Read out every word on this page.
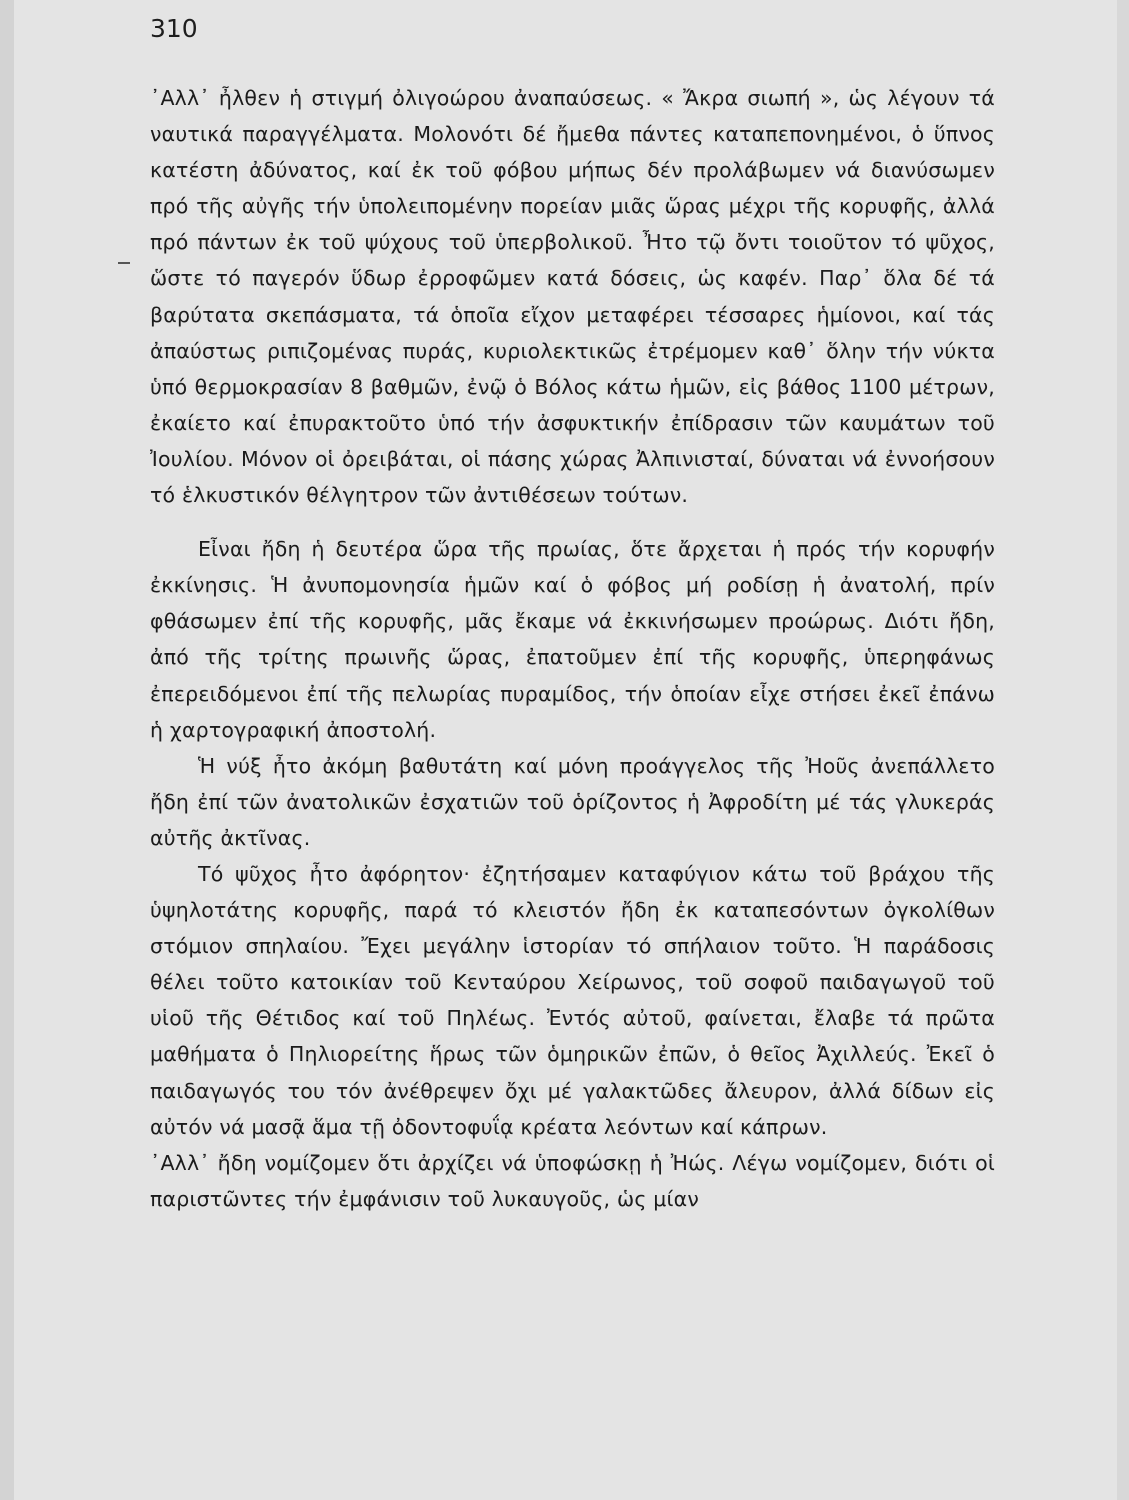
310

᾿Αλλ᾿ ἦλθεν ἡ στιγμή ὀλιγοώρου ἀναπαύσεως. « Ἄκρα σιωπή », ὡς λέγουν τά ναυτικά παραγγέλματα. Μολονότι δέ ἤμεθα πάντες καταπεπονημένοι, ὁ ὕπνος κατέστη ἀδύνατος, καί ἐκ τοῦ φόβου μήπως δέν προλάβωμεν νά διανύσωμεν πρό τῆς αὐγῆς τήν ὑπολειπομένην πορείαν μιᾶς ὥρας μέχρι τῆς κορυφῆς, ἀλλά πρό πάντων ἐκ τοῦ ψύχους τοῦ ὑπερβολικοῦ. Ἦτο τῷ ὄντι τοιοῦτον τό ψῦχος, ὥστε τό παγερόν ὕδωρ ἐρροφῶμεν κατά δόσεις, ὡς καφέν. Παρ᾿ ὅλα δέ τά βαρύτατα σκεπάσματα, τά ὁποῖα εἴχον μεταφέρει τέσσαρες ἡμίονοι, καί τάς ἀπαύστως ριπιζομένας πυράς, κυριολεκτικῶς ἐτρέμομεν καθ᾿ ὅλην τήν νύκτα ὑπό θερμοκρασίαν 8 βαθμῶν, ἐνῷ ὁ Βόλος κάτω ἡμῶν, εἰς βάθος 1100 μέτρων, ἐκαίετο καί ἐπυρακτοῦτο ὑπό τήν ἀσφυκτικήν ἐπίδρασιν τῶν καυμάτων τοῦ Ἰουλίου. Μόνον οἱ ὀρειβάται, οἱ πάσης χώρας Ἀλπινισταί, δύναται νά ἐννοήσουν τό ἑλκυστικόν θέλγητρον τῶν ἀντιθέσεων τούτων.

Εἶναι ἤδη ἡ δευτέρα ὥρα τῆς πρωίας, ὅτε ἄρχεται ἡ πρός τήν κορυφήν ἐκκίνησις. Ἡ ἀνυπομονησία ἡμῶν καί ὁ φόβος μή ροδίσῃ ἡ ἀνατολή, πρίν φθάσωμεν ἐπί τῆς κορυφῆς, μᾶς ἔκαμε νά ἐκκινήσωμεν προώρως. Διότι ἤδη, ἀπό τῆς τρίτης πρωινῆς ὥρας, ἐπατοῦμεν ἐπί τῆς κορυφῆς, ὑπερηφάνως ἐπερειδόμενοι ἐπί τῆς πελωρίας πυραμίδος, τήν ὁποίαν εἶχε στήσει ἐκεῖ ἐπάνω ἡ χαρτογραφική ἀποστολή.

Ἡ νύξ ἦτο ἀκόμη βαθυτάτη καί μόνη προάγγελος τῆς Ἠοῦς ἀνεπάλλετο ἤδη ἐπί τῶν ἀνατολικῶν ἐσχατιῶν τοῦ ὁρίζοντος ἡ Ἀφροδίτη μέ τάς γλυκεράς αὐτῆς ἀκτῖνας.

Τό ψῦχος ἦτο ἀφόρητον· ἐζητήσαμεν καταφύγιον κάτω τοῦ βράχου τῆς ὑψηλοτάτης κορυφῆς, παρά τό κλειστόν ἤδη ἐκ καταπεσόντων ὀγκολίθων στόμιον σπηλαίου. Ἔχει μεγάλην ἱστορίαν τό σπήλαιον τοῦτο. Ἡ παράδοσις θέλει τοῦτο κατοικίαν τοῦ Κενταύρου Χείρωνος, τοῦ σοφοῦ παιδαγωγοῦ τοῦ υἱοῦ τῆς Θέτιδος καί τοῦ Πηλέως. Ἐντός αὐτοῦ, φαίνεται, ἔλαβε τά πρῶτα μαθήματα ὁ Πηλιορείτης ἥρως τῶν ὁμηρικῶν ἐπῶν, ὁ θεῖος Ἀχιλλεύς. Ἐκεῖ ὁ παιδαγωγός του τόν ἀνέθρεψεν ὄχι μέ γαλακτῶδες ἄλευρον, ἀλλά δίδων εἰς αὐτόν νά μασᾷ ἅμα τῇ ὀδοντοφυΐᾳ κρέατα λεόντων καί κάπρων.

᾿Αλλ᾿ ἤδη νομίζομεν ὅτι ἀρχίζει νά ὑποφώσκῃ ἡ Ἠώς. Λέγω νομίζομεν, διότι οἱ παριστῶντες τήν ἐμφάνισιν τοῦ λυκαυγοῦς, ὡς μίαν
